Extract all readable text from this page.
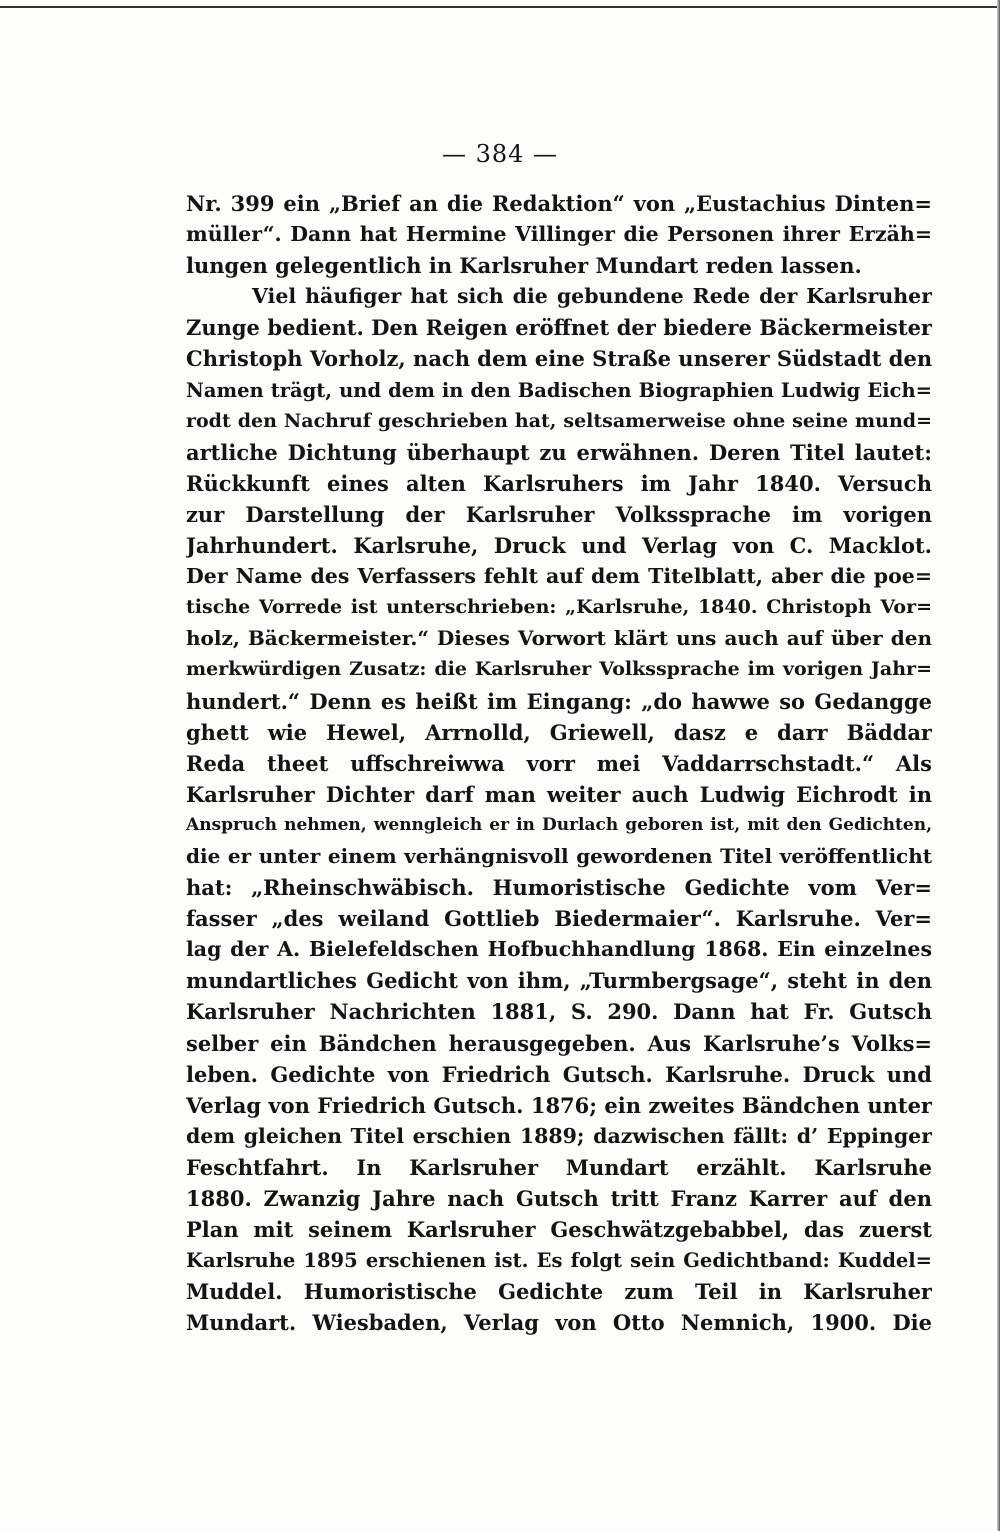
— 384 —
Nr. 399 ein „Brief an die Redaktion“ von „Eustachius Dinten=
müller“. Dann hat Hermine Villinger die Personen ihrer Erzäh=
lungen gelegentlich in Karlsruher Mundart reden lassen.
Viel häufiger hat sich die gebundene Rede der Karlsruher
Zunge bedient. Den Reigen eröffnet der biedere Bäckermeister
Christoph Vorholz, nach dem eine Straße unserer Südstadt den
Namen trägt, und dem in den Badischen Biographien Ludwig Eich=
rodt den Nachruf geschrieben hat, seltsamerweise ohne seine mund=
artliche Dichtung überhaupt zu erwähnen. Deren Titel lautet:
Rückkunft eines alten Karlsruhers im Jahr 1840. Versuch
zur Darstellung der Karlsruher Volkssprache im vorigen
Jahrhundert. Karlsruhe, Druck und Verlag von C. Macklot.
Der Name des Verfassers fehlt auf dem Titelblatt, aber die poe=
tische Vorrede ist unterschrieben: „Karlsruhe, 1840. Christoph Vor=
holz, Bäckermeister.“ Dieses Vorwort klärt uns auch auf über den
merkwürdigen Zusatz: die Karlsruher Volkssprache im vorigen Jahr=
hundert.“ Denn es heißt im Eingang: „do hawwe so Gedangge
ghett wie Hewel, Arrnolld, Griewell, dasz e darr Bäddar
Reda theet uffschreiwwa vorr mei Vaddarrschstadt.“ Als
Karlsruher Dichter darf man weiter auch Ludwig Eichrodt in
Anspruch nehmen, wenngleich er in Durlach geboren ist, mit den Gedichten,
die er unter einem verhängnisvoll gewordenen Titel veröffentlicht
hat: „Rheinschwäbisch. Humoristische Gedichte vom Ver=
fasser „des weiland Gottlieb Biedermaier“. Karlsruhe. Ver=
lag der A. Bielefeldschen Hofbuchhandlung 1868. Ein einzelnes
mundartliches Gedicht von ihm, „Turmbergsage“, steht in den
Karlsruher Nachrichten 1881, S. 290. Dann hat Fr. Gutsch
selber ein Bändchen herausgegeben. Aus Karlsruhe’s Volks=
leben. Gedichte von Friedrich Gutsch. Karlsruhe. Druck und
Verlag von Friedrich Gutsch. 1876; ein zweites Bändchen unter
dem gleichen Titel erschien 1889; dazwischen fällt: d’ Eppinger
Feschtfahrt. In Karlsruher Mundart erzählt. Karlsruhe
1880. Zwanzig Jahre nach Gutsch tritt Franz Karrer auf den
Plan mit seinem Karlsruher Geschwätzgebabbel, das zuerst
Karlsruhe 1895 erschienen ist. Es folgt sein Gedichtband: Kuddel=
Muddel. Humoristische Gedichte zum Teil in Karlsruher
Mundart. Wiesbaden, Verlag von Otto Nemnich, 1900. Die
